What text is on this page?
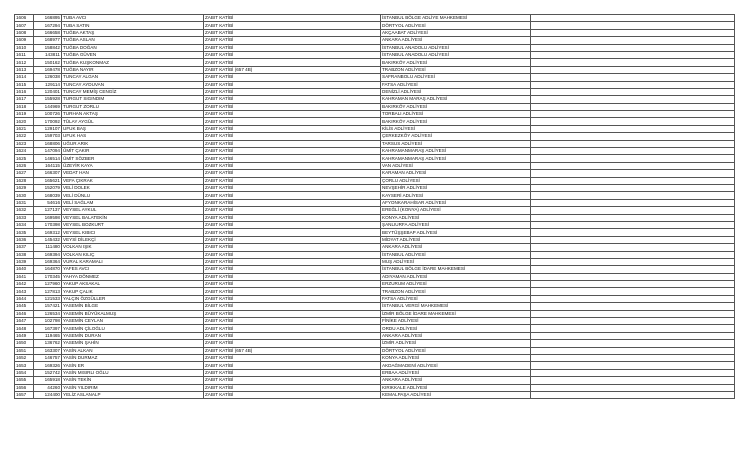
1606	166895	TUBA AVCI	ZABIT KATİBİ	İSTANBUL BÖLGE ADLİYE MAHKEMESİ	
1607	167294	TUBA SATIN	ZABIT KATİBİ	DÖRTYOL ADLİYESİ	
1608	166658	TUĞBA AKTAŞ	ZABIT KATİBİ	AKÇAABAT ADLİYESİ	
1609	168977	TUĞBA ASLAN	ZABIT KATİBİ	ANKARA ADLİYESİ	
1610	158842	TUĞBA DOĞAN	ZABIT KATİBİ	İSTANBUL ANADOLU ADLİYESİ	
1611	143811	TUĞBA GÜVEN	ZABIT KATİBİ	İSTANBUL ANADOLU ADLİYESİ	
1612	150162	TUĞBA KUŞKONMAZ	ZABIT KATİBİ	BAKIRKÖY ADLİYESİ	
1613	169478	TUĞBA NAYIR	ZABIT KATİBİ (657 4B)	TRABZON ADLİYESİ	
1614	126038	TUNCAY ALGAN	ZABIT KATİBİ	SAFRANBOLU ADLİYESİ	
1615	129114	TUNCAY AYDUVAN	ZABIT KATİBİ	FATSA ADLİYESİ	
1616	120401	TUNCAY MEMİŞ CENGİZ	ZABIT KATİBİ	DENİZLİ ADLİYESİ	
1617	155928	TURGUT SIGINDIM	ZABIT KATİBİ	KAHRAMAN MARAŞ ADLİYESİ	
1618	144969	TURGUT ZORLU	ZABIT KATİBİ	BAKIRKÖY ADLİYESİ	
1619	100726	TURHAN AKTAŞ	ZABIT KATİBİ	TORBALI ADLİYESİ	
1620	170092	TÜLAY AYGÜL	ZABIT KATİBİ	BAKIRKÖY ADLİYESİ	
1621	129107	UFUK BAŞ	ZABIT KATİBİ	KİLİS ADLİYESİ	
1622	159703	UFUK HAS	ZABIT KATİBİ	ÇERKEZKÖY ADLİYESİ	
1623	168806	UĞUR ARIK	ZABIT KATİBİ	TARSUS ADLİYESİ	
1624	147094	ÜMİT ÇAKIR	ZABIT KATİBİ	KAHRAMANMARAŞ ADLİYESİ	
1625	146514	ÜMİT SÖZBER	ZABIT KATİBİ	KAHRAMANMARAŞ ADLİYESİ	
1626	164115	ÜZEYİR KAYA	ZABIT KATİBİ	VAN ADLİYESİ	
1627	166307	VEDAT HAN	ZABIT KATİBİ	KARAMAN ADLİYESİ	
1628	165621	VEFA ÇIKRAK	ZABIT KATİBİ	ÇORLU ADLİYESİ	
1629	152079	VELİ DOLEK	ZABIT KATİBİ	NEVŞEHİR ADLİYESİ	
1630	168039	VELİ DÜNLU	ZABIT KATİBİ	KAYSERİ ADLİYESİ	
1631	54616	VELİ SAĞLAM	ZABIT KATİBİ	AFYONKARAHİSAR ADLİYESİ	
1632	127137	VEYSEL AYKUL	ZABIT KATİBİ	EREĞLİ (KONYA) ADLİYESİ	
1633	169598	VEYSEL BALATEKİN	ZABIT KATİBİ	KONYA ADLİYESİ	
1634	170398	VEYSEL BOZKURT	ZABIT KATİBİ	ŞANLIURFA ADLİYESİ	
1635	169312	VEYSEL KIBICI	ZABIT KATİBİ	BEYTÜŞŞEBAP ADLİYESİ	
1636	145432	VEYSİ DİLEKÇİ	ZABIT KATİBİ	MİDYAT ADLİYESİ	
1637	111480	VOLKAN IŞIK	ZABIT KATİBİ	ANKARA ADLİYESİ	
1638	169394	VOLKAN KILIÇ	ZABIT KATİBİ	İSTANBUL ADLİYESİ	
1639	169364	VURAL KARAMALI	ZABIT KATİBİ	MUŞ ADLİYESİ	
1640	164870	YAFES AVCI	ZABIT KATİBİ	İSTANBUL BÖLGE İDARE MAHKEMESİ	
1641	170345	YAHYA DÖNMEZ	ZABIT KATİBİ	ADIYAMAN ADLİYESİ	
1642	127960	YAKUP AKSAKAL	ZABIT KATİBİ	ERZURUM ADLİYESİ	
1643	127813	YAKUP ÇALIK	ZABIT KATİBİ	TRABZON ADLİYESİ	
1644	121533	YALÇIN ÖZGÜLLER	ZABIT KATİBİ	FATSA ADLİYESİ	
1645	157421	YASEMİN BİLGE	ZABIT KATİBİ	İSTANBUL VERGİ MAHKEMESİ	
1646	126534	YASEMİN BÜYÜKALMUŞ	ZABIT KATİBİ	İZMİR BÖLGE İDARE MAHKEMESİ	
1647	102798	YASEMİN CEYLAN	ZABIT KATİBİ	FİNİKE ADLİYESİ	
1648	167397	YASEMİN ÇİLOĞLU	ZABIT KATİBİ	ORDU ADLİYESİ	
1649	119465	YASEMİN DURAN	ZABIT KATİBİ	ANKARA ADLİYESİ	
1650	136762	YASEMİN ŞAHİN	ZABIT KATİBİ	İZMİR ADLİYESİ	
1651	163307	YASİN ALKAN	ZABIT KATİBİ (657 4B)	DÖRTYOL ADLİYESİ	
1652	146757	YASİN DURMAZ	ZABIT KATİBİ	KONYA ADLİYESİ	
1653	169326	YASİN ER	ZABIT KATİBİ	AKDAĞMADENİ ADLİYESİ	
1654	152742	YASİN MISIRLI OĞLU	ZABIT KATİBİ	ERBAA ADLİYESİ	
1655	165918	YASİN TEKİN	ZABIT KATİBİ	ANKARA ADLİYESİ	
1656	44260	YASİN YILDIRIM	ZABIT KATİBİ	KIRIKKALE ADLİYESİ	
1657	124400	YELİZ ASLANALP	ZABIT KATİBİ	KEMALPAŞA ADLİYESİ	
